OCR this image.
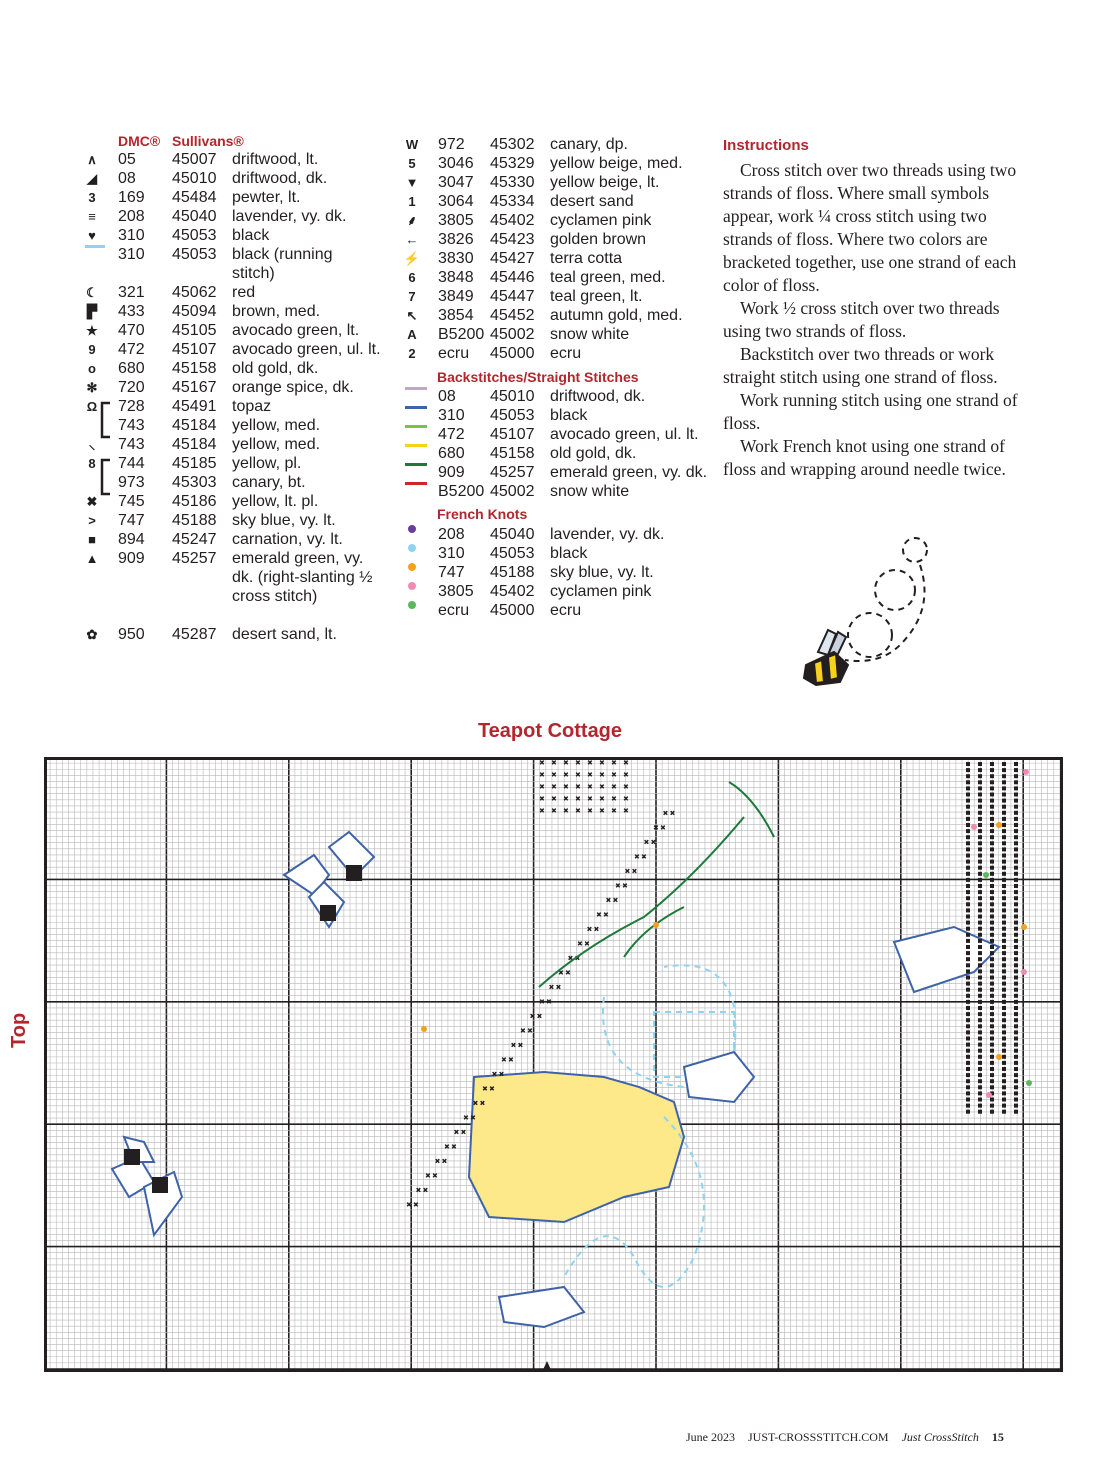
DMC® Sullivans®
∧	05 45007 driftwood, lt.
◢	08 45010 driftwood, dk.
3	169 45484 pewter, lt.
≡	208 45040 lavender, vy. dk.
♥	310 45053 black
310 45053 black (running
stitch)
☾ 321 45062 red
▛	433 45094 brown, med.
★ 470 45105 avocado green, lt.
9	472 45107 avocado green, ul. lt.
o	680 45158 old gold, dk.
✻ 720 45167 orange spice, dk.
Ω 728 45491 topaz
743 45184 yellow, med.
⸜	743 45184 yellow, med.
8	744 45185 yellow, pl.
973 45303 canary, bt.
✖ 745 45186 yellow, lt. pl.
>	747 45188 sky blue, vy. lt.
■	894 45247 carnation, vy. lt.
▲ 909 45257 emerald green, vy.
dk. (right-slanting ½
cross stitch)
✿ 950 45287 desert sand, lt.
W 972 45302 canary, dp.
5	3046 45329 yellow beige, med.
▼ 3047 45330 yellow beige, lt.
1	3064 45334 desert sand
⸙	3805 45402 cyclamen pink
← 3826 45423 golden brown
⚡ 3830 45427 terra cotta
6	3848 45446 teal green, med.
7	3849 45447 teal green, lt.
↖ 3854 45452 autumn gold, med.
A	B5200 45002 snow white
2	ecru 45000 ecru
Backstitches/Straight Stitches
08 45010 driftwood, dk.
310 45053 black
472 45107 avocado green, ul. lt.
680 45158 old gold, dk.
909 45257 emerald green, vy. dk.
B5200 45002 snow white
French Knots
208 45040 lavender, vy. dk.
310 45053 black
747 45188 sky blue, vy. lt.
3805 45402 cyclamen pink
ecru 45000 ecru
Instructions

Cross stitch over two threads using two strands of floss. Where small symbols appear, work ¼ cross stitch using two strands of floss. Where two colors are bracketed together, use one strand of each color of floss.

Work ½ cross stitch over two threads using two strands of floss.

Backstitch over two threads or work straight stitch using one strand of floss.

Work running stitch using one strand of floss.

Work French knot using one strand of floss and wrapping around needle twice.

Teapot Cottage
Top
✖ ✖
✖ ✖
✖ ✖
✖ ✖
✖ ✖
✖ ✖
✖ ✖
✖ ✖
✖ ✖
✖ ✖
✖ ✖
✖ ✖
✖ ✖
✖ ✖
✖ ✖
✖ ✖
✖ ✖
✖ ✖
✖ ✖
✖ ✖
✖ ✖
✖ ✖
✖ ✖
✖ ✖
✖ ✖
✖ ✖
✖ ✖
✖ ✖
✖
✖
✖
✖
✖
✖
✖
✖
✖
✖
✖
✖
✖
✖
✖
✖
✖
✖
✖
✖
✖
✖
✖
✖
✖
✖
✖
✖
✖
✖
✖
✖
✖
✖
✖
✖
✖
✖
✖
✖
June 2023 JUST-CROSSSTITCH.COM Just CrossStitch 15
